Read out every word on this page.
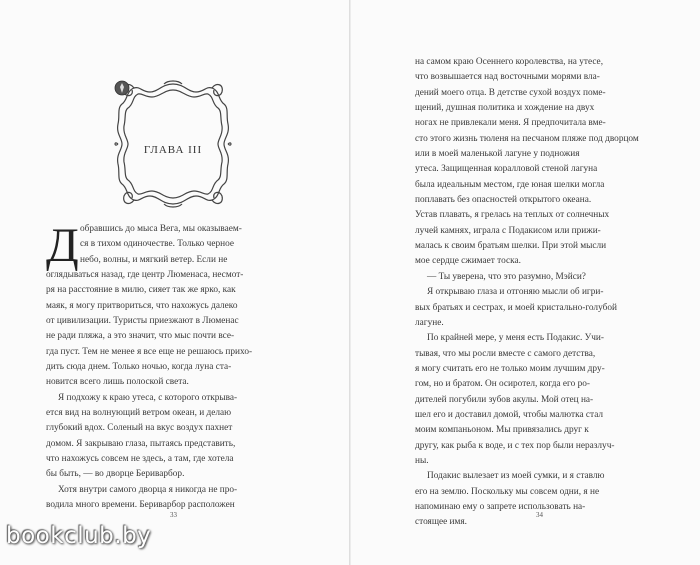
ГЛАВА III
Д обравшись до мыса Вега, мы оказываем-
ся в тихом одиночестве. Только черное
небо, волны, и мягкий ветер. Если не
оглядываться назад, где центр Люменаса, несмот-
ря на расстояние в милю, сияет так же ярко, как
маяк, я могу притвориться, что нахожусь далеко
от цивилизации. Туристы приезжают в Люменас
не ради пляжа, а это значит, что мыс почти все-
гда пуст. Тем не менее я все еще не решаюсь прихо-
дить сюда днем. Только ночью, когда луна ста-
новится всего лишь полоской света.
Я подхожу к краю утеса, с которого открыва-
ется вид на волнующий ветром океан, и делаю
глубокий вдох. Соленый на вкус воздух пахнет
домом. Я закрываю глаза, пытаясь представить,
что нахожусь совсем не здесь, а там, где хотела
бы быть, — во дворце Бериварбор.
Хотя внутри самого дворца я никогда не про-
водила много времени. Бериварбор расположен
33
на самом краю Осеннего королевства, на утесе,
что возвышается над восточными морями вла-
дений моего отца. В детстве сухой воздух поме-
щений, душная политика и хождение на двух
ногах не привлекали меня. Я предпочитала вме-
сто этого жизнь тюленя на песчаном пляже под дворцом
или в моей маленькой лагуне у подножия
утеса. Защищенная коралловой стеной лагуна
была идеальным местом, где юная шелки могла
поплавать без опасностей открытого океана.
Устав плавать, я грелась на теплых от солнечных
лучей камнях, играла с Подакисом или прижи-
малась к своим братьям шелки. При этой мысли
мое сердце сжимает тоска.
— Ты уверена, что это разумно, Мэйси?
Я открываю глаза и отгоняю мысли об игри-
вых братьях и сестрах, и моей кристально-голубой
лагуне.
По крайней мере, у меня есть Подакис. Учи-
тывая, что мы росли вместе с самого детства,
я могу считать его не только моим лучшим дру-
гом, но и братом. Он осиротел, когда его ро-
дителей погубили зубов акулы. Мой отец на-
шел его и доставил домой, чтобы малютка стал
моим компаньоном. Мы привязались друг к
другу, как рыба к воде, и с тех пор были неразлуч-
ны.
Подакис вылезает из моей сумки, и я ставлю
его на землю. Поскольку мы совсем одни, я не
напоминаю ему о запрете использовать на-
стоящее имя.
34
bookclub.by
